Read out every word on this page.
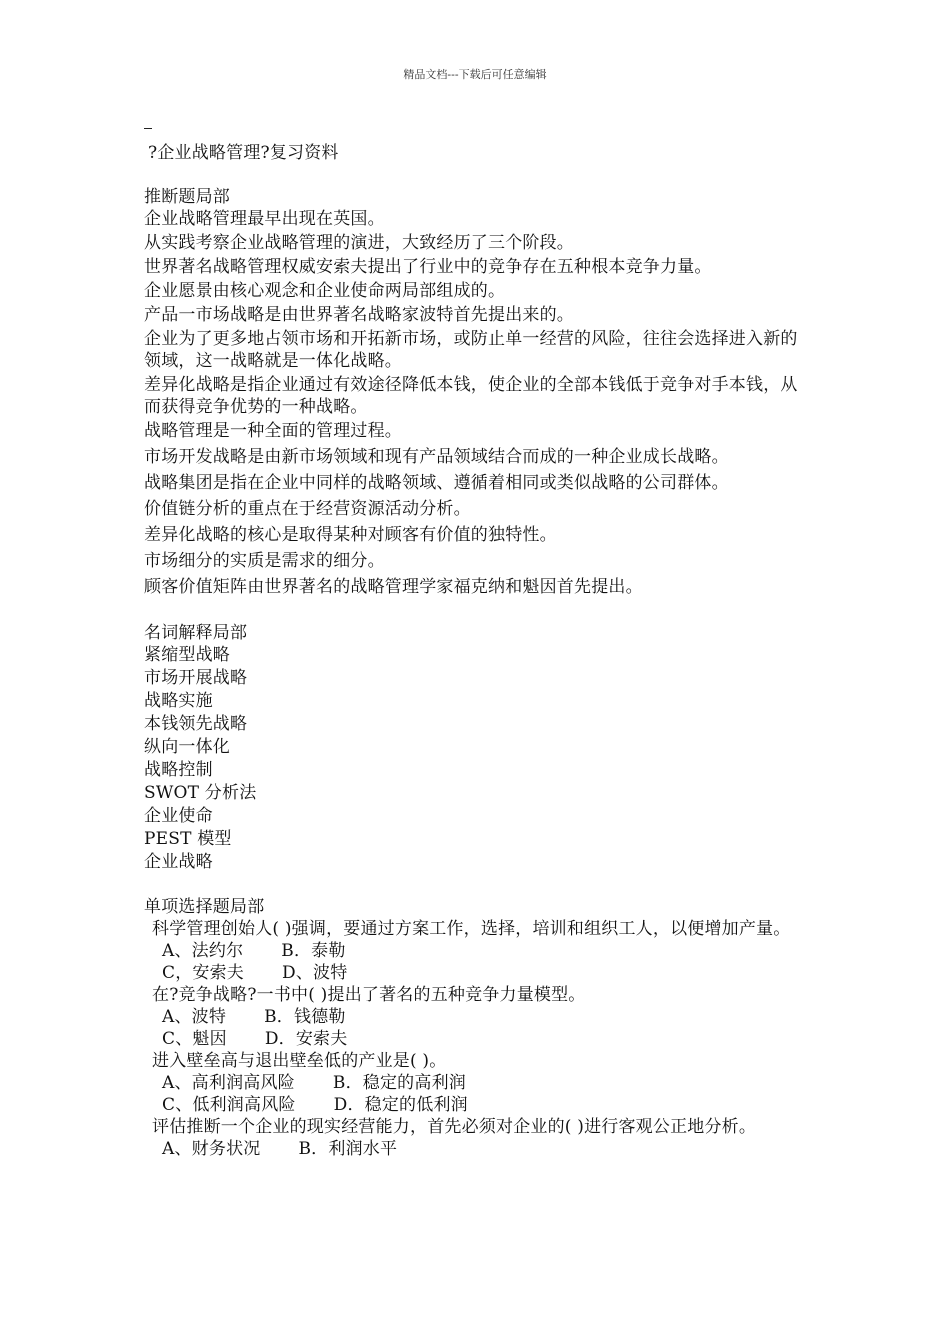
精品文档---下载后可任意编辑
?企业战略管理?复习资料
推断题局部
企业战略管理最早出现在英国。
从实践考察企业战略管理的演进，大致经历了三个阶段。
世界著名战略管理权威安索夫提出了行业中的竞争存在五种根本竞争力量。
企业愿景由核心观念和企业使命两局部组成的。
产品一市场战略是由世界著名战略家波特首先提出来的。
企业为了更多地占领市场和开拓新市场，或防止单一经营的风险，往往会选择进入新的领域，这一战略就是一体化战略。
差异化战略是指企业通过有效途径降低本钱，使企业的全部本钱低于竞争对手本钱，从而获得竞争优势的一种战略。
战略管理是一种全面的管理过程。
市场开发战略是由新市场领域和现有产品领域结合而成的一种企业成长战略。
战略集团是指在企业中同样的战略领域、遵循着相同或类似战略的公司群体。
价值链分析的重点在于经营资源活动分析。
差异化战略的核心是取得某种对顾客有价值的独特性。
市场细分的实质是需求的细分。
顾客价值矩阵由世界著名的战略管理学家福克纳和魁因首先提出。
名词解释局部
紧缩型战略
市场开展战略
战略实施
本钱领先战略
纵向一体化
战略控制
SWOT 分析法
企业使命
PEST 模型
企业战略
单项选择题局部
科学管理创始人( )强调，要通过方案工作，选择，培训和组织工人，以便增加产量。
A、法约尔 B．泰勒
C，安索夫 D、波特
在?竞争战略?一书中( )提出了著名的五种竞争力量模型。
A、波特 B．钱德勒
C、魁因 D．安索夫
进入壁垒高与退出壁垒低的产业是( )。
A、高利润高风险 B．稳定的高利润
C、低利润高风险 D．稳定的低利润
评估推断一个企业的现实经营能力，首先必须对企业的( )进行客观公正地分析。
A、财务状况 B．利润水平
